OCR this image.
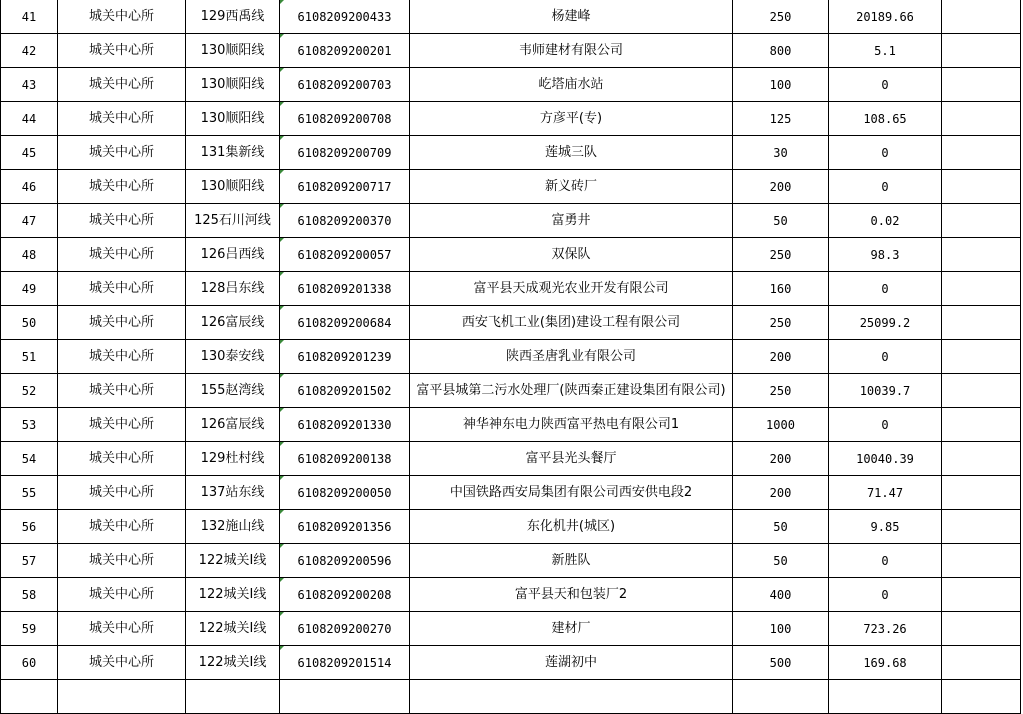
41	城关中心所	129西禹线	6108209200433	杨建峰	250	20189.66	
42	城关中心所	130顺阳线	6108209200201	韦师建材有限公司	800	5.1	
43	城关中心所	130顺阳线	6108209200703	屹塔庙水站	100	0	
44	城关中心所	130顺阳线	6108209200708	方彦平(专)	125	108.65	
45	城关中心所	131集新线	6108209200709	莲城三队	30	0	
46	城关中心所	130顺阳线	6108209200717	新义砖厂	200	0	
47	城关中心所	125石川河线	6108209200370	富勇井	50	0.02	
48	城关中心所	126吕西线	6108209200057	双保队	250	98.3	
49	城关中心所	128吕东线	6108209201338	富平县天成观光农业开发有限公司	160	0	
50	城关中心所	126富辰线	6108209200684	西安飞机工业(集团)建设工程有限公司	250	25099.2	
51	城关中心所	130泰安线	6108209201239	陕西圣唐乳业有限公司	200	0	
52	城关中心所	155赵湾线	6108209201502	富平县城第二污水处理厂(陕西秦正建设集团有限公司)	250	10039.7	
53	城关中心所	126富辰线	6108209201330	神华神东电力陕西富平热电有限公司1	1000	0	
54	城关中心所	129杜村线	6108209200138	富平县光头餐厅	200	10040.39	
55	城关中心所	137站东线	6108209200050	中国铁路西安局集团有限公司西安供电段2	200	71.47	
56	城关中心所	132施山线	6108209201356	东化机井(城区)	50	9.85	
57	城关中心所	122城关Ⅰ线	6108209200596	新胜队	50	0	
58	城关中心所	122城关Ⅰ线	6108209200208	富平县天和包装厂2	400	0	
59	城关中心所	122城关Ⅰ线	6108209200270	建材厂	100	723.26	
60	城关中心所	122城关Ⅰ线	6108209201514	莲湖初中	500	169.68	
